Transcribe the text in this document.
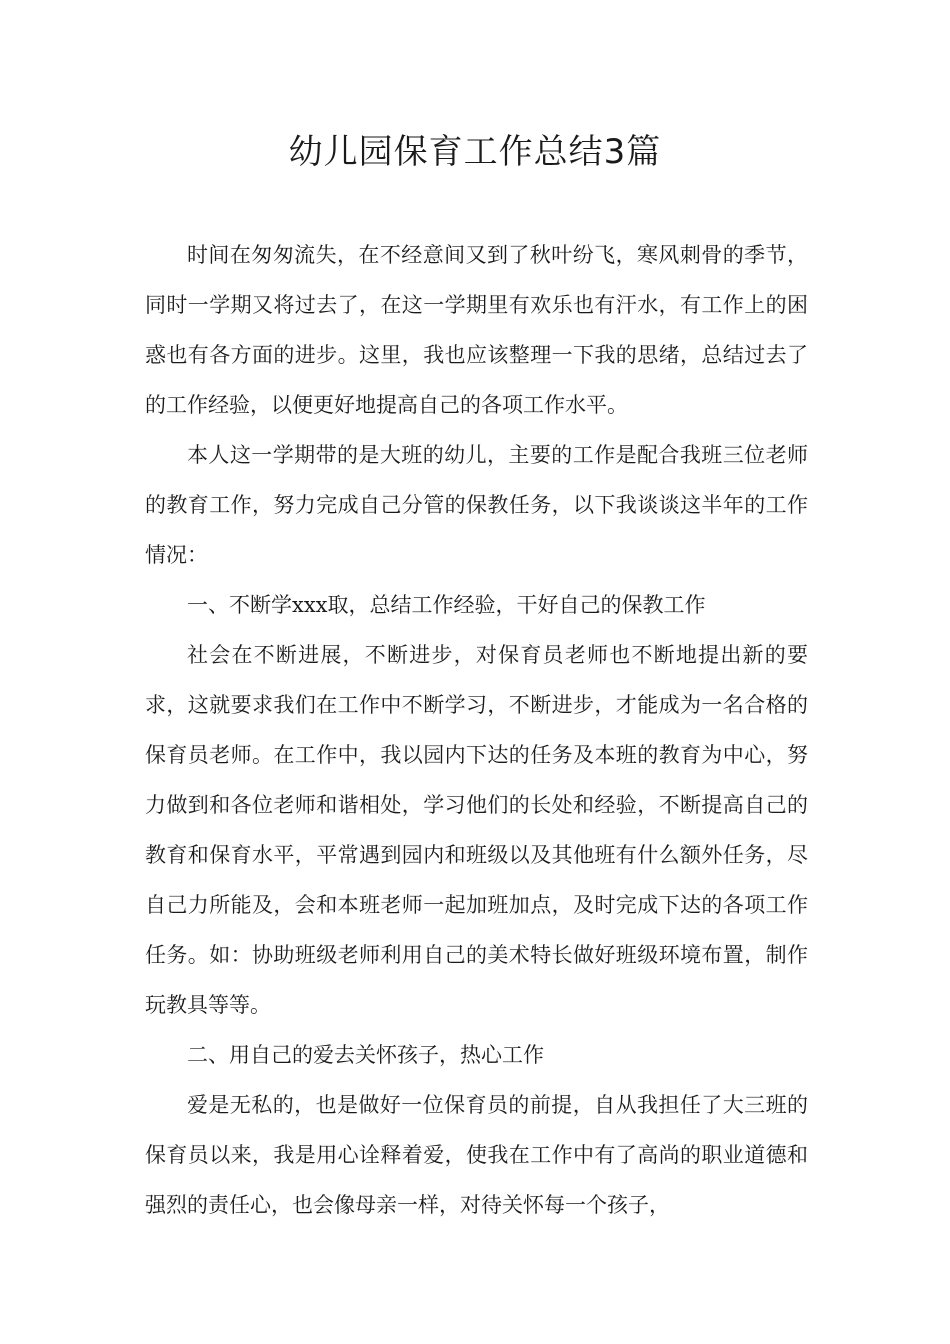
幼儿园保育工作总结3篇

时间在匆匆流失，在不经意间又到了秋叶纷飞，寒风刺骨的季节，同时一学期又将过去了，在这一学期里有欢乐也有汗水，有工作上的困惑也有各方面的进步。这里，我也应该整理一下我的思绪，总结过去了的工作经验，以便更好地提高自己的各项工作水平。

本人这一学期带的是大班的幼儿，主要的工作是配合我班三位老师的教育工作，努力完成自己分管的保教任务，以下我谈谈这半年的工作情况：

一、不断学xxx取，总结工作经验，干好自己的保教工作

社会在不断进展，不断进步，对保育员老师也不断地提出新的要求，这就要求我们在工作中不断学习，不断进步，才能成为一名合格的保育员老师。在工作中，我以园内下达的任务及本班的教育为中心，努力做到和各位老师和谐相处，学习他们的长处和经验，不断提高自己的教育和保育水平，平常遇到园内和班级以及其他班有什么额外任务，尽自己力所能及，会和本班老师一起加班加点，及时完成下达的各项工作任务。如：协助班级老师利用自己的美术特长做好班级环境布置，制作玩教具等等。

二、用自己的爱去关怀孩子，热心工作

爱是无私的，也是做好一位保育员的前提，自从我担任了大三班的保育员以来，我是用心诠释着爱，使我在工作中有了高尚的职业道德和强烈的责任心，也会像母亲一样，对待关怀每一个孩子，
